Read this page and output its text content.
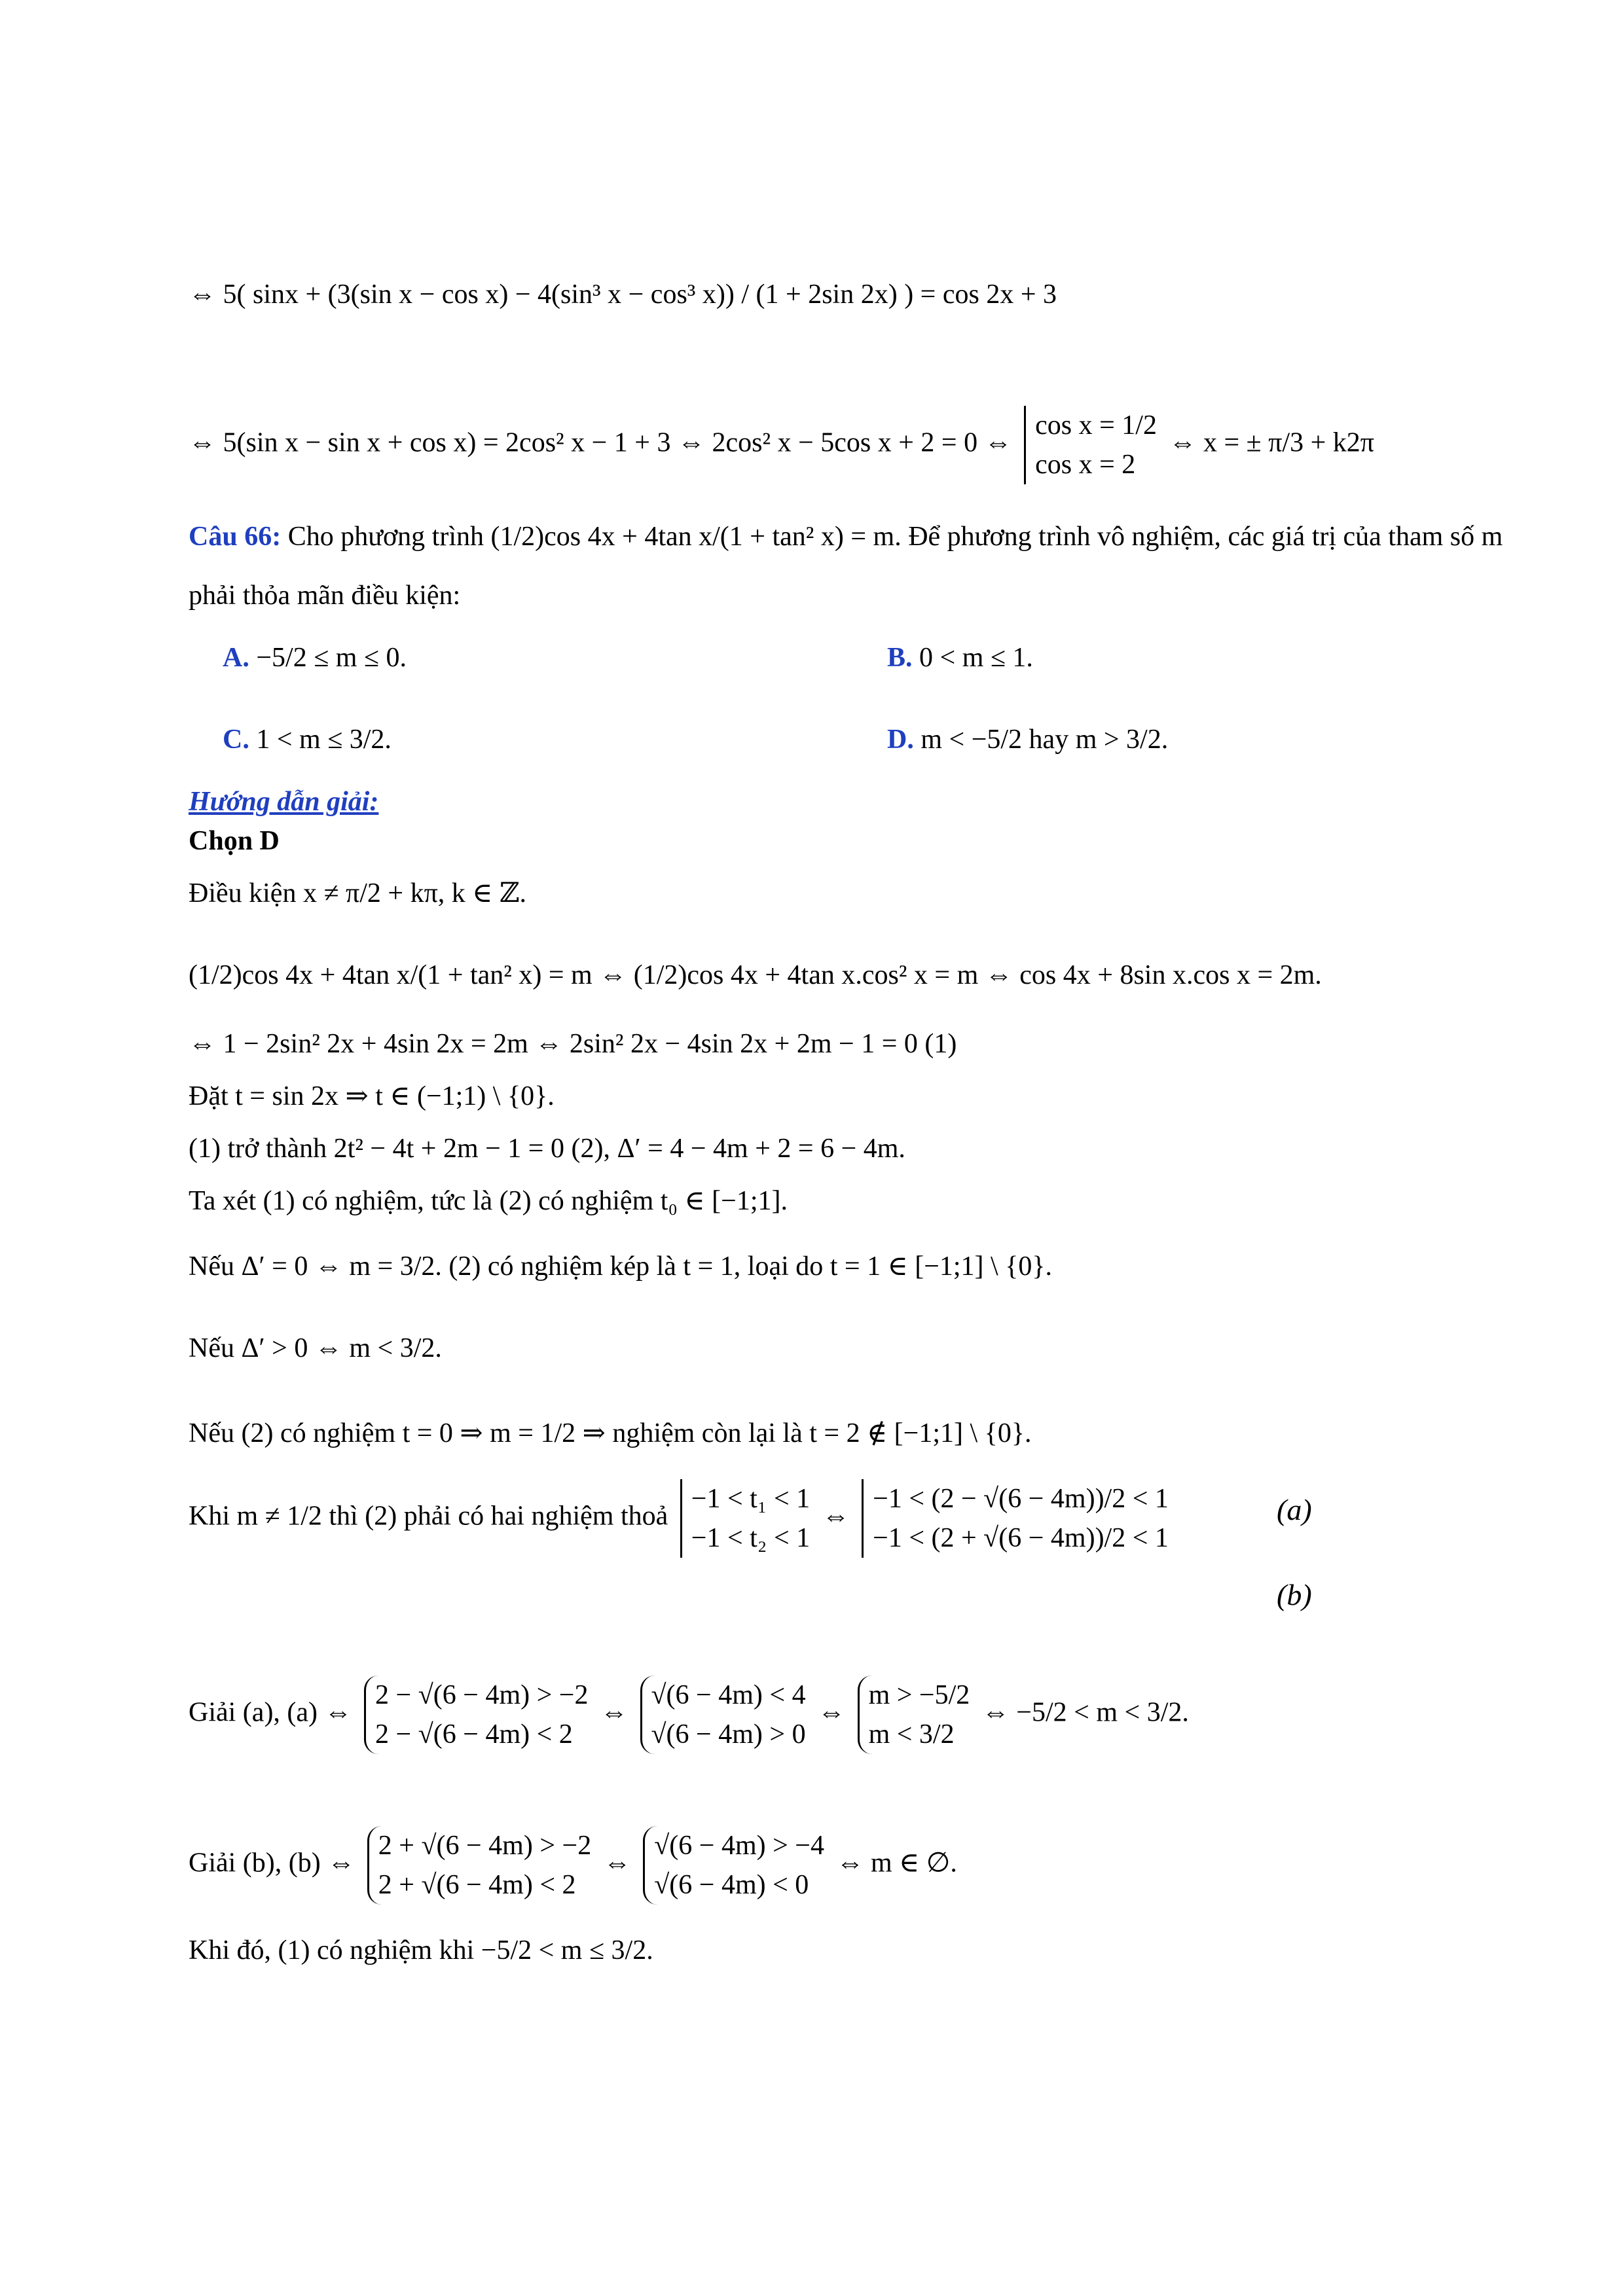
⇔ 5( sinx + (3(sin x − cos x) − 4(sin³ x − cos³ x)) / (1 + 2sin 2x) ) = cos 2x + 3
⇔ 5(sin x − sin x + cos x) = 2cos² x − 1 + 3 ⇔ 2cos² x − 5cos x + 2 = 0 ⇔
cos x = 1/2
cos x = 2
⇔ x = ± π/3 + k2π
Câu 66: Cho phương trình (1/2)cos 4x + 4tan x/(1 + tan² x) = m. Để phương trình vô nghiệm, các giá trị của tham số m
phải thỏa mãn điều kiện:
A. −5/2 ≤ m ≤ 0.	B. 0 < m ≤ 1.
C. 1 < m ≤ 3/2.	D. m < −5/2 hay m > 3/2.
Hướng dẫn giải:
Chọn D
Điều kiện x ≠ π/2 + kπ, k ∈ ℤ.
(1/2)cos 4x + 4tan x/(1 + tan² x) = m ⇔ (1/2)cos 4x + 4tan x.cos² x = m ⇔ cos 4x + 8sin x.cos x = 2m.
⇔ 1 − 2sin² 2x + 4sin 2x = 2m ⇔ 2sin² 2x − 4sin 2x + 2m − 1 = 0 (1)
Đặt t = sin 2x ⇒ t ∈ (−1;1) \ {0}.
(1) trở thành 2t² − 4t + 2m − 1 = 0 (2), Δ′ = 4 − 4m + 2 = 6 − 4m.
Ta xét (1) có nghiệm, tức là (2) có nghiệm t₀ ∈ [−1;1].
Nếu Δ′ = 0 ⇔ m = 3/2. (2) có nghiệm kép là t = 1, loại do t = 1 ∈ [−1;1] \ {0}.
Nếu Δ′ > 0 ⇔ m < 3/2.
Nếu (2) có nghiệm t = 0 ⇒ m = 1/2 ⇒ nghiệm còn lại là t = 2 ∉ [−1;1] \ {0}.
Khi m ≠ 1/2 thì (2) phải có hai nghiệm thoả
−1 < t₁ < 1
−1 < t₂ < 1
⇔
−1 < (2 − √(6 − 4m))/2 < 1
−1 < (2 + √(6 − 4m))/2 < 1
(a)
(b)
Giải (a), (a) ⇔
2 − √(6 − 4m) > −2
2 − √(6 − 4m) < 2
⇔
√(6 − 4m) < 4
√(6 − 4m) > 0
⇔
m > −5/2
m < 3/2
⇔ −5/2 < m < 3/2.
Giải (b), (b) ⇔
2 + √(6 − 4m) > −2
2 + √(6 − 4m) < 2
⇔
√(6 − 4m) > −4
√(6 − 4m) < 0
⇔ m ∈ ∅.
Khi đó, (1) có nghiệm khi −5/2 < m ≤ 3/2.
